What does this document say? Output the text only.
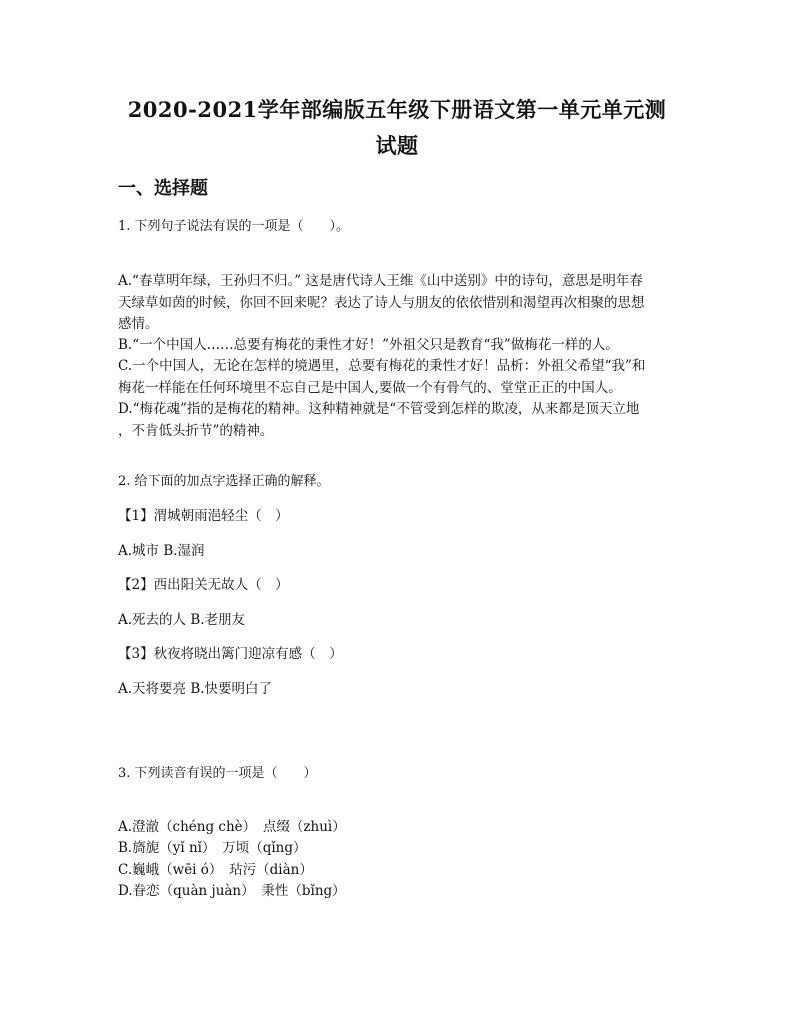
2020-2021学年部编版五年级下册语文第一单元单元测
试题
一、选择题
1. 下列句子说法有误的一项是（　　）。
A.“春草明年绿，王孙归不归。” 这是唐代诗人王维《山中送别》中的诗句，意思是明年春
天绿草如茵的时候，你回不回来呢？表达了诗人与朋友的依依惜别和渴望再次相聚的思想
感情。
B.“一个中国人……总要有梅花的秉性才好！”外祖父只是教育“我”做梅花一样的人。
C.一个中国人，无论在怎样的境遇里，总要有梅花的秉性才好！品析：外祖父希望“我”和
梅花一样能在任何环境里不忘自己是中国人,要做一个有骨气的、堂堂正正的中国人。
D.“梅花魂”指的是梅花的精神。这种精神就是“不管受到怎样的欺凌，从来都是顶天立地
，不肯低头折节”的精神。
2. 给下面的加点字选择正确的解释。
【1】渭城朝雨浥轻尘（　）
A.城市 B.湿润
【2】西出阳关无故人（　）
A.死去的人 B.老朋友
【3】秋夜将晓出篱门迎凉有感（　）
A.天将要亮 B.快要明白了
3. 下列读音有误的一项是（　　）
A.澄澈（chéng chè）　点缀（zhuì）
B.旖旎（yǐ nǐ）　万顷（qǐng）
C.巍峨（wēi ó）　玷污（diàn）
D.眷恋（quàn juàn）　秉性（bǐng）
